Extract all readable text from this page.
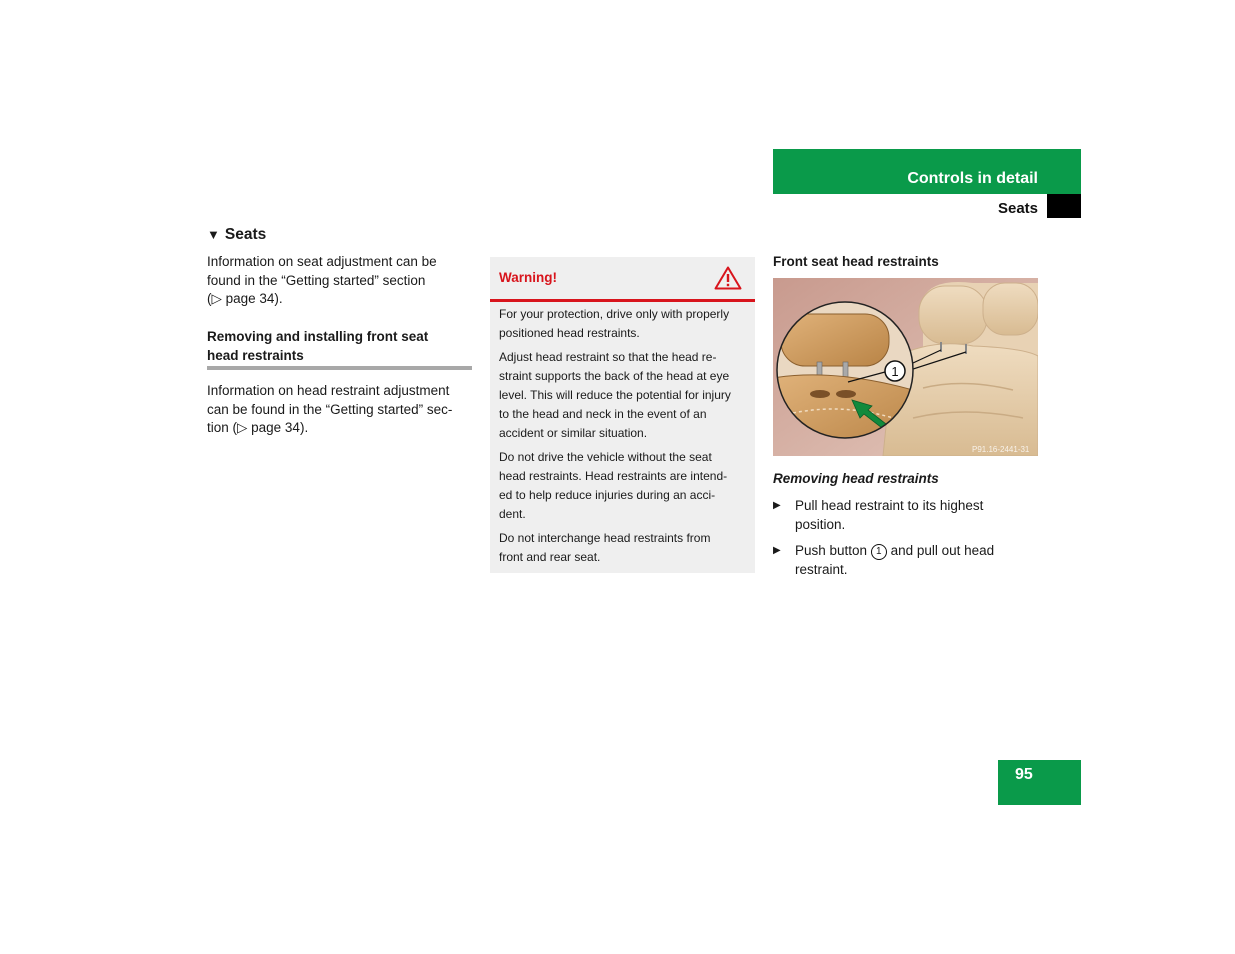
Controls in detail
Seats
▼ Seats
Information on seat adjustment can be
found in the “Getting started” section
(▷ page 34).
Removing and installing front seat
head restraints
Information on head restraint adjustment
can be found in the “Getting started” sec-
tion (▷ page 34).
Warning!
For your protection, drive only with properly
positioned head restraints.
Adjust head restraint so that the head re-
straint supports the back of the head at eye
level. This will reduce the potential for injury
to the head and neck in the event of an
accident or similar situation.
Do not drive the vehicle without the seat
head restraints. Head restraints are intend-
ed to help reduce injuries during an acci-
dent.
Do not interchange head restraints from
front and rear seat.
Front seat head restraints
1
P91.16-2441-31
Removing head restraints
▶ Pull head restraint to its highest
position.
▶ Push button 1 and pull out head
restraint.
95
